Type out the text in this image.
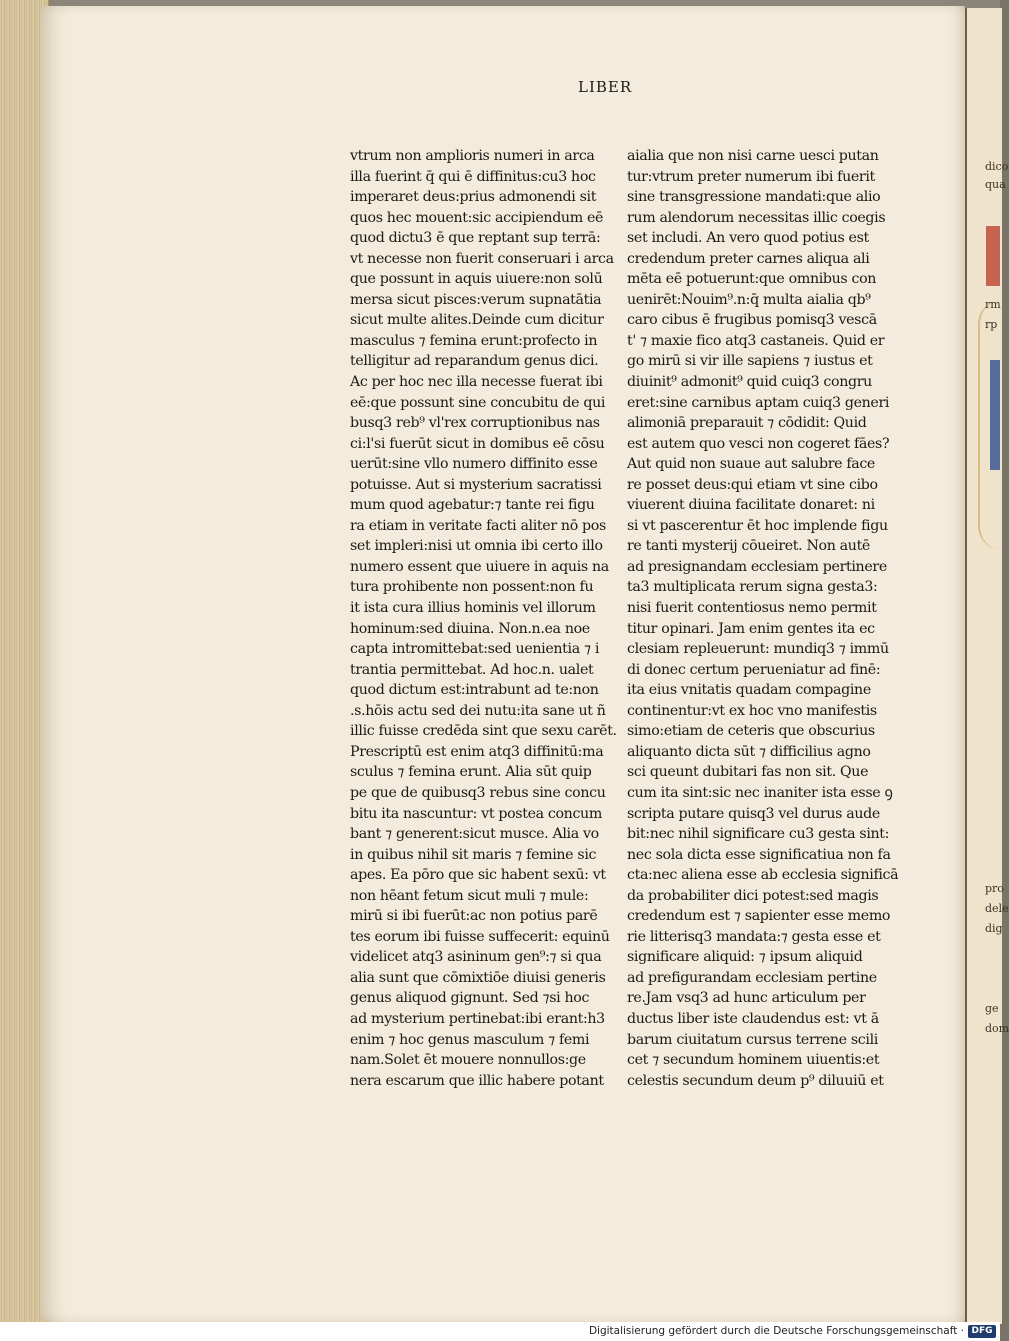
dico
qua
rm
rp
pro
dele
dig
ge
dom
LIBER
vtrum non amplioris numeri in arca
illa fuerint q̄ qui ē diffinitus:cu3 hoc
imperaret deus:prius admonendi sit
quos hec mouent:sic accipiendum eē
quod dictu3 ē que reptant sup terrā:
vt necesse non fuerit conseruari i arca
que possunt in aquis uiuere:non solū
mersa sicut pisces:verum supnatātia
sicut multe alites.Deinde cum dicitur
masculus ⁊ femina erunt:profecto in
telligitur ad reparandum genus dici.
Ac per hoc nec illa necesse fuerat ibi
eē:que possunt sine concubitu de qui
busq3 reb⁹ vl'rex corruptionibus nas
ci:l'si fuerūt sicut in domibus eē cōsu
uerūt:sine vllo numero diffinito esse
potuisse. Aut si mysterium sacratissi
mum quod agebatur:⁊ tante rei figu
ra etiam in veritate facti aliter nō pos
set impleri:nisi ut omnia ibi certo illo
numero essent que uiuere in aquis na
tura prohibente non possent:non fu
it ista cura illius hominis vel illorum
hominum:sed diuina. Non.n.ea noe
capta intromittebat:sed uenientia ⁊ i
trantia permittebat. Ad hoc.n. ualet
quod dictum est:intrabunt ad te:non
.s.hōis actu sed dei nutu:ita sane ut ñ
illic fuisse credēda sint que sexu carēt.
Prescriptū est enim atq3 diffinitū:ma
sculus ⁊ femina erunt. Alia sūt quip
pe que de quibusq3 rebus sine concu
bitu ita nascuntur: vt postea concum
bant ⁊ generent:sicut musce. Alia vo
in quibus nihil sit maris ⁊ femine sic
apes. Ea pōro que sic habent sexū: vt
non hēant fetum sicut muli ⁊ mule:
mirū si ibi fuerūt:ac non potius parē
tes eorum ibi fuisse suffecerit: equinū
videlicet atq3 asininum gen⁹:⁊ si qua
alia sunt que cōmixtiōe diuisi generis
genus aliquod gignunt. Sed ⁊si hoc
ad mysterium pertinebat:ibi erant:h3
enim ⁊ hoc genus masculum ⁊ femi
nam.Solet ēt mouere nonnullos:ge
nera escarum que illic habere potant
aialia que non nisi carne uesci putan
tur:vtrum preter numerum ibi fuerit
sine transgressione mandati:que alio
rum alendorum necessitas illic coegis
set includi. An vero quod potius est
credendum preter carnes aliqua ali
mēta eē potuerunt:que omnibus con
uenirēt:Nouim⁹.n:q̄ multa aialia qb⁹
caro cibus ē frugibus pomisq3 vescā
t' ⁊ maxie fico atq3 castaneis. Quid er
go mirū si vir ille sapiens ⁊ iustus et
diuinit⁹ admonit⁹ quid cuiq3 congru
eret:sine carnibus aptam cuiq3 generi
alimoniā preparauit ⁊ cōdidit: Quid
est autem quo vesci non cogeret fāes?
Aut quid non suaue aut salubre face
re posset deus:qui etiam vt sine cibo
viuerent diuina facilitate donaret: ni
si vt pascerentur ēt hoc implende figu
re tanti mysterij cōueiret. Non autē
ad presignandam ecclesiam pertinere
ta3 multiplicata rerum signa gesta3:
nisi fuerit contentiosus nemo permit
titur opinari. Jam enim gentes ita ec
clesiam repleuerunt: mundiq3 ⁊ immū
di donec certum perueniatur ad finē:
ita eius vnitatis quadam compagine
continentur:vt ex hoc vno manifestis
simo:etiam de ceteris que obscurius
aliquanto dicta sūt ⁊ difficilius agno
sci queunt dubitari fas non sit. Que
cum ita sint:sic nec inaniter ista esse ꝯ
scripta putare quisq3 vel durus aude
bit:nec nihil significare cu3 gesta sint:
nec sola dicta esse significatiua non fa
cta:nec aliena esse ab ecclesia significā
da probabiliter dici potest:sed magis
credendum est ⁊ sapienter esse memo
rie litterisq3 mandata:⁊ gesta esse et
significare aliquid: ⁊ ipsum aliquid
ad prefigurandam ecclesiam pertine
re.Jam vsq3 ad hunc articulum per
ductus liber iste claudendus est: vt ā
barum ciuitatum cursus terrene scili
cet ⁊ secundum hominem uiuentis:et
celestis secundum deum p⁹ diluuiū et
Digitalisierung gefördert durch die Deutsche Forschungsgemeinschaft · DFG
